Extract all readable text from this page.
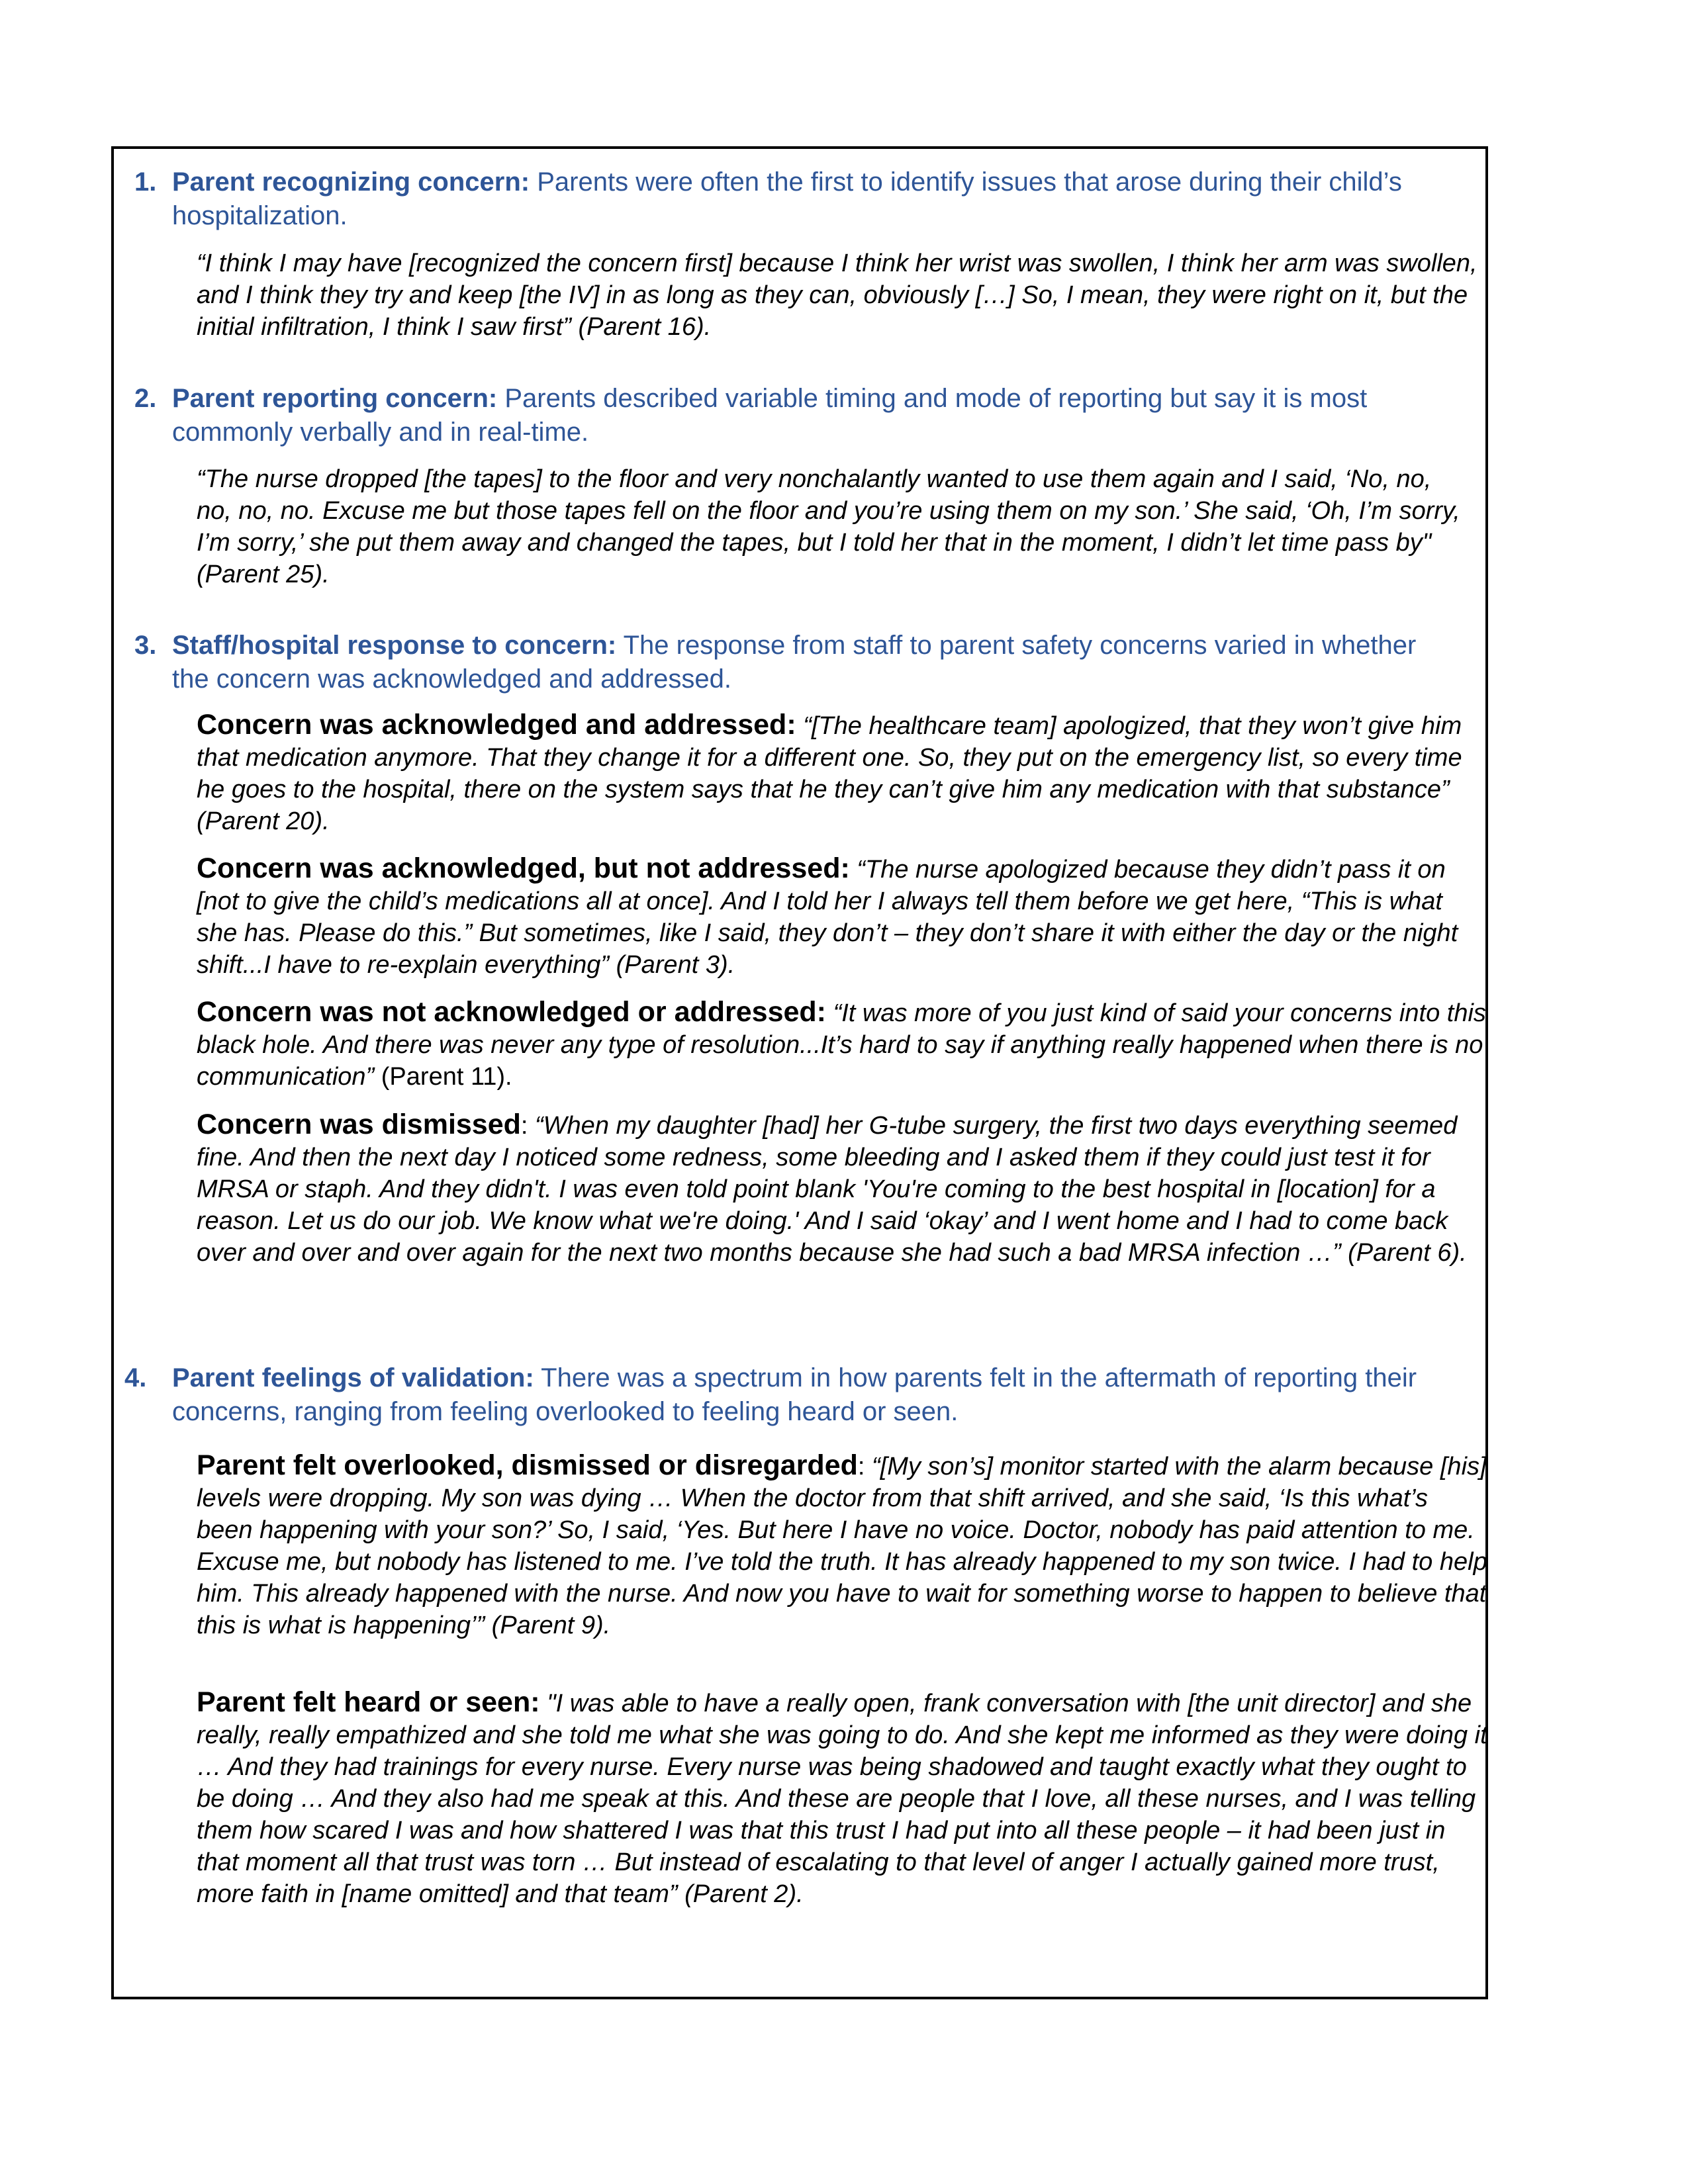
1. Parent recognizing concern: Parents were often the first to identify issues that arose during their child’s hospitalization.
“I think I may have [recognized the concern first] because I think her wrist was swollen, I think her arm was swollen, and I think they try and keep [the IV] in as long as they can, obviously […] So, I mean, they were right on it, but the initial infiltration, I think I saw first” (Parent 16).
2. Parent reporting concern: Parents described variable timing and mode of reporting but say it is most commonly verbally and in real-time.
“The nurse dropped [the tapes] to the floor and very nonchalantly wanted to use them again and I said, ‘No, no, no, no, no. Excuse me but those tapes fell on the floor and you’re using them on my son.’ She said, ‘Oh, I’m sorry, I’m sorry,’ she put them away and changed the tapes, but I told her that in the moment, I didn’t let time pass by" (Parent 25).
3. Staff/hospital response to concern: The response from staff to parent safety concerns varied in whether the concern was acknowledged and addressed.
Concern was acknowledged and addressed: “[The healthcare team] apologized, that they won’t give him that medication anymore. That they change it for a different one. So, they put on the emergency list, so every time he goes to the hospital, there on the system says that he they can’t give him any medication with that substance” (Parent 20).
Concern was acknowledged, but not addressed: “The nurse apologized because they didn’t pass it on [not to give the child’s medications all at once]. And I told her I always tell them before we get here, “This is what she has. Please do this.” But sometimes, like I said, they don’t – they don’t share it with either the day or the night shift...I have to re-explain everything” (Parent 3).
Concern was not acknowledged or addressed: “It was more of you just kind of said your concerns into this black hole. And there was never any type of resolution...It’s hard to say if anything really happened when there is no communication” (Parent 11).
Concern was dismissed: “When my daughter [had] her G-tube surgery, the first two days everything seemed fine. And then the next day I noticed some redness, some bleeding and I asked them if they could just test it for MRSA or staph. And they didn't. I was even told point blank 'You're coming to the best hospital in [location] for a reason. Let us do our job. We know what we're doing.' And I said ‘okay’ and I went home and I had to come back over and over and over again for the next two months because she had such a bad MRSA infection …” (Parent 6).
4. Parent feelings of validation: There was a spectrum in how parents felt in the aftermath of reporting their concerns, ranging from feeling overlooked to feeling heard or seen.
Parent felt overlooked, dismissed or disregarded: “[My son’s] monitor started with the alarm because [his] levels were dropping. My son was dying … When the doctor from that shift arrived, and she said, ‘Is this what’s been happening with your son?’ So, I said, ‘Yes. But here I have no voice. Doctor, nobody has paid attention to me. Excuse me, but nobody has listened to me. I’ve told the truth. It has already happened to my son twice. I had to help him. This already happened with the nurse. And now you have to wait for something worse to happen to believe that this is what is happening’” (Parent 9).
Parent felt heard or seen: "I was able to have a really open, frank conversation with [the unit director] and she really, really empathized and she told me what she was going to do. And she kept me informed as they were doing it … And they had trainings for every nurse. Every nurse was being shadowed and taught exactly what they ought to be doing … And they also had me speak at this. And these are people that I love, all these nurses, and I was telling them how scared I was and how shattered I was that this trust I had put into all these people – it had been just in that moment all that trust was torn … But instead of escalating to that level of anger I actually gained more trust, more faith in [name omitted] and that team” (Parent 2).
